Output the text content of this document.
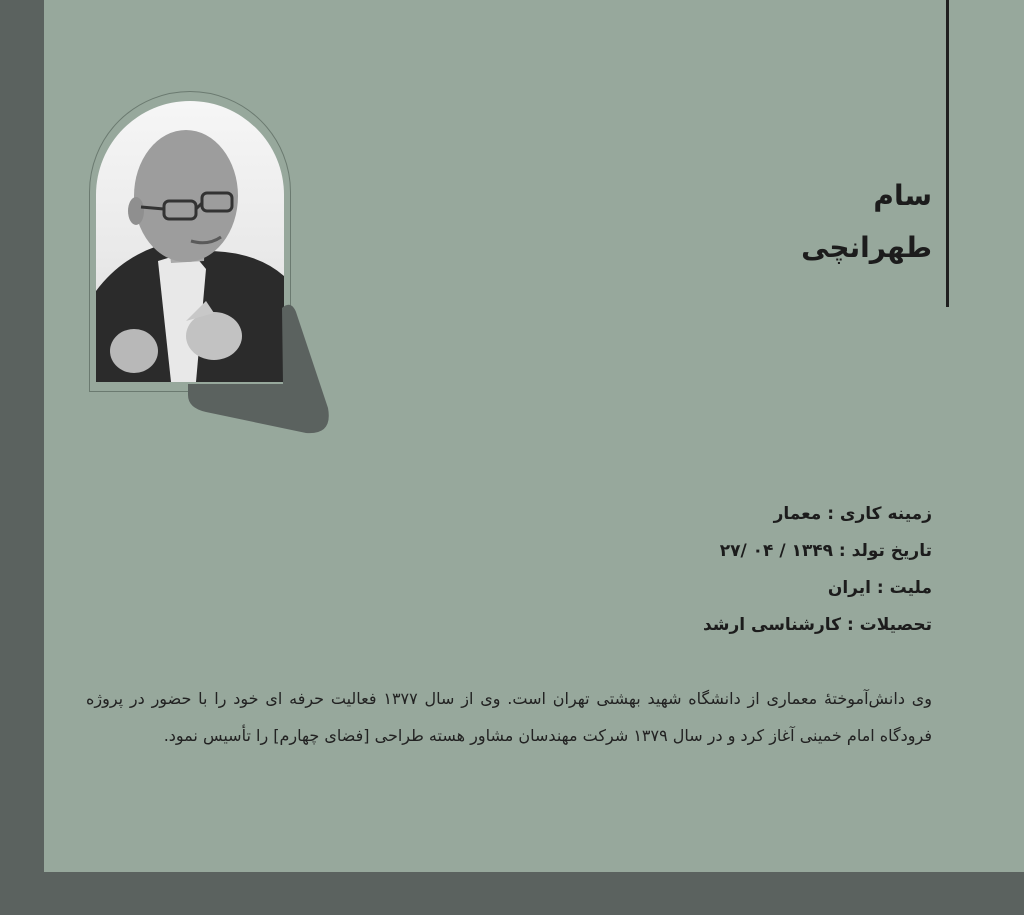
سام
طهرانچی
زمینه کاری : معمار
تاریخ تولد : ۱۳۴۹ / ۰۴ /۲۷
ملیت : ایران
تحصیلات : کارشناسی ارشد
وی دانش‌آموختهٔ معماری از دانشگاه شهید بهشتی تهران است. وی از سال ۱۳۷۷ فعالیت حرفه ای خود را با حضور در پروژه فرودگاه امام خمینی آغاز کرد و در سال ۱۳۷۹ شرکت مهندسان مشاور هسته طراحی [فضای چهارم] را تأسیس نمود.
